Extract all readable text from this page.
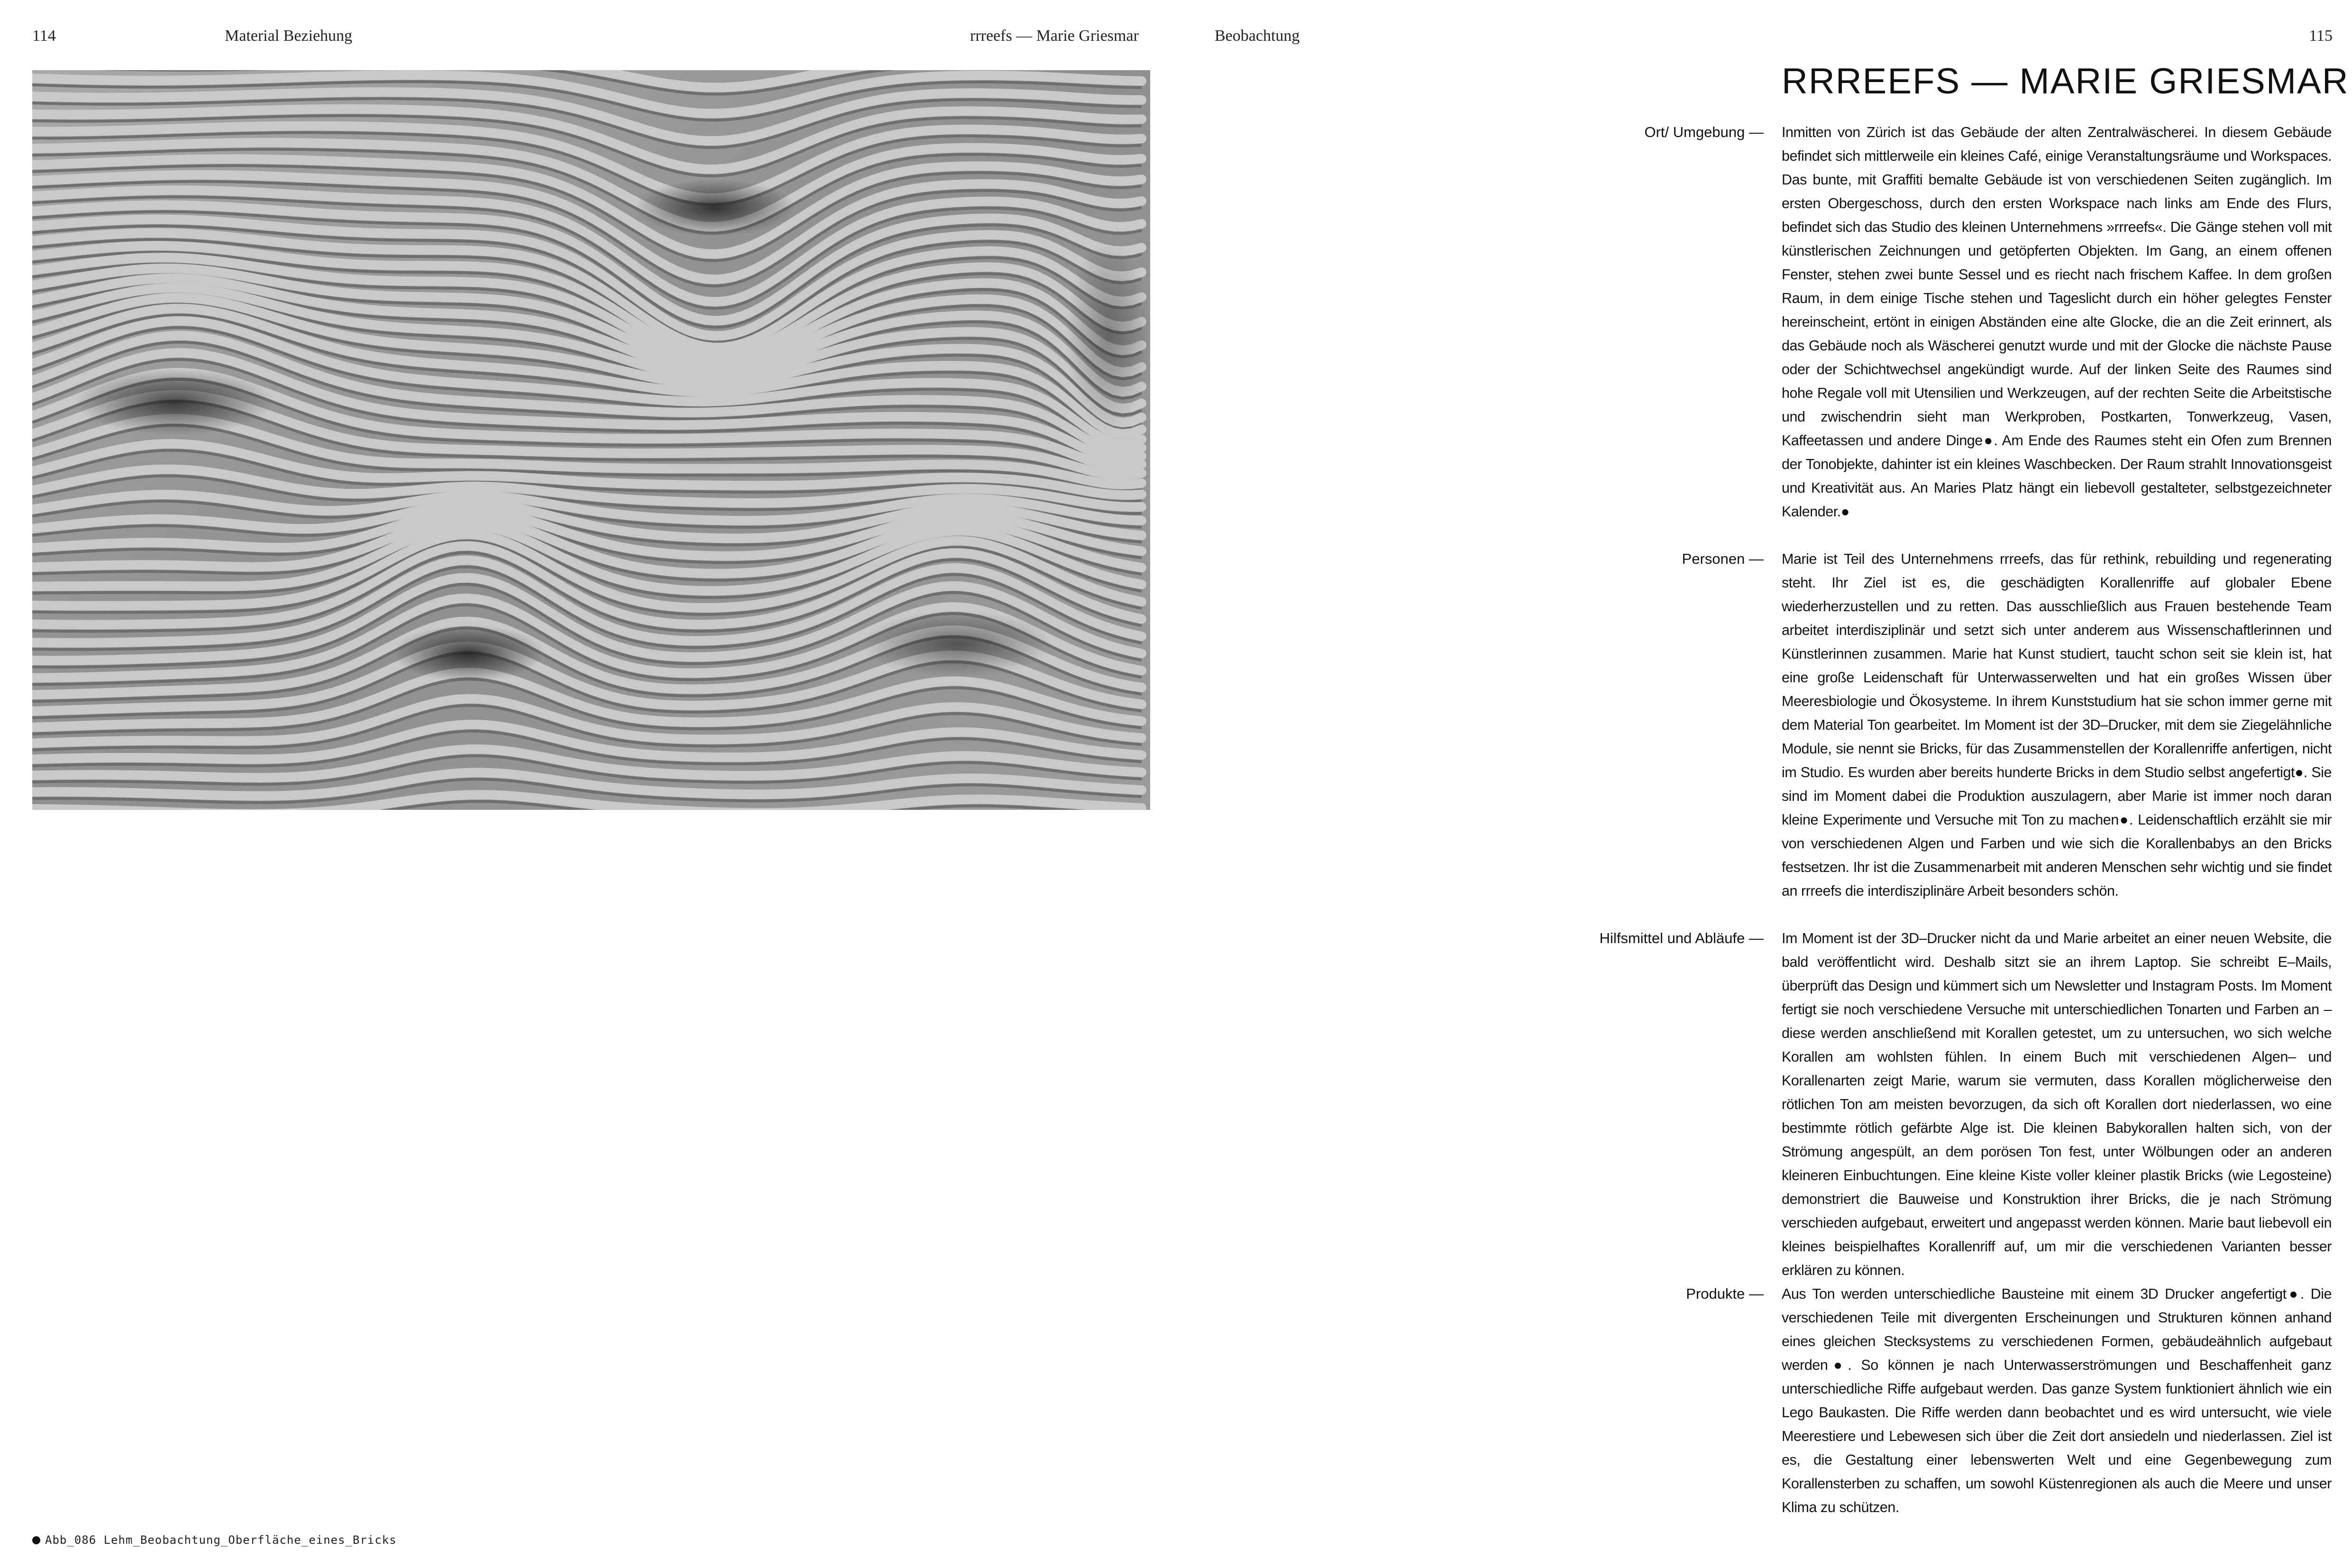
114	Material Beziehung	rrreefs — Marie Griesmar	Beobachtung	115
Abb_086 Lehm_Beobachtung_Oberfläche_eines_Bricks
RRREEFS — MARIE GRIESMAR
Ort/ Umgebung — Inmitten von Zürich ist das Gebäude der alten Zentralwäscherei. In diesem Gebäude befindet sich mittlerweile ein kleines Café, einige Veranstaltungsräume und Workspaces. Das bunte, mit Graffiti bemalte Gebäude ist von verschiedenen Seiten zugänglich. Im ersten Obergeschoss, durch den ersten Workspace nach links am Ende des Flurs, befindet sich das Studio des kleinen Unternehmens »rrreefs«. Die Gänge stehen voll mit künstlerischen Zeichnungen und getöpferten Objekten. Im Gang, an einem offenen Fenster, stehen zwei bunte Sessel und es riecht nach frischem Kaffee. In dem großen Raum, in dem einige Tische stehen und Tageslicht durch ein höher gelegtes Fenster hereinscheint, ertönt in einigen Abständen eine alte Glocke, die an die Zeit erinnert, als das Gebäude noch als Wäscherei genutzt wurde und mit der Glocke die nächste Pause oder der Schichtwechsel angekündigt wurde. Auf der linken Seite des Raumes sind hohe Regale voll mit Utensilien und Werkzeugen, auf der rechten Seite die Arbeitstische und zwischendrin sieht man Werkproben, Postkarten, Tonwerkzeug, Vasen, Kaffeetassen und andere Dinge●. Am Ende des Raumes steht ein Ofen zum Brennen der Tonobjekte, dahinter ist ein kleines Waschbecken. Der Raum strahlt Innovationsgeist und Kreativität aus. An Maries Platz hängt ein liebevoll gestalteter, selbstgezeichneter Kalender.●
Personen — Marie ist Teil des Unternehmens rrreefs, das für rethink, rebuilding und regenerating steht. Ihr Ziel ist es, die geschädigten Korallenriffe auf globaler Ebene wiederherzustellen und zu retten. Das ausschließlich aus Frauen bestehende Team arbeitet interdisziplinär und setzt sich unter anderem aus Wissenschaftlerinnen und Künstlerinnen zusammen. Marie hat Kunst studiert, taucht schon seit sie klein ist, hat eine große Leidenschaft für Unterwasserwelten und hat ein großes Wissen über Meeresbiologie und Ökosysteme. In ihrem Kunststudium hat sie schon immer gerne mit dem Material Ton gearbeitet. Im Moment ist der 3D–Drucker, mit dem sie Ziegelähnliche Module, sie nennt sie Bricks, für das Zusammenstellen der Korallenriffe anfertigen, nicht im Studio. Es wurden aber bereits hunderte Bricks in dem Studio selbst angefertigt●. Sie sind im Moment dabei die Produktion auszulagern, aber Marie ist immer noch daran kleine Experimente und Versuche mit Ton zu machen●. Leidenschaftlich erzählt sie mir von verschiedenen Algen und Farben und wie sich die Korallenbabys an den Bricks festsetzen. Ihr ist die Zusammenarbeit mit anderen Menschen sehr wichtig und sie findet an rrreefs die interdisziplinäre Arbeit besonders schön.
Hilfsmittel und Abläufe — Im Moment ist der 3D–Drucker nicht da und Marie arbeitet an einer neuen Website, die bald veröffentlicht wird. Deshalb sitzt sie an ihrem Laptop. Sie schreibt E–Mails, überprüft das Design und kümmert sich um Newsletter und Instagram Posts. Im Moment fertigt sie noch verschiedene Versuche mit unterschiedlichen Tonarten und Farben an – diese werden anschließend mit Korallen getestet, um zu untersuchen, wo sich welche Korallen am wohlsten fühlen. In einem Buch mit verschiedenen Algen– und Korallenarten zeigt Marie, warum sie vermuten, dass Korallen möglicherweise den rötlichen Ton am meisten bevorzugen, da sich oft Korallen dort niederlassen, wo eine bestimmte rötlich gefärbte Alge ist. Die kleinen Babykorallen halten sich, von der Strömung angespült, an dem porösen Ton fest, unter Wölbungen oder an anderen kleineren Einbuchtungen. Eine kleine Kiste voller kleiner plastik Bricks (wie Legosteine) demonstriert die Bauweise und Konstruktion ihrer Bricks, die je nach Strömung verschieden aufgebaut, erweitert und angepasst werden können. Marie baut liebevoll ein kleines beispielhaftes Korallenriff auf, um mir die verschiedenen Varianten besser erklären zu können.
Produkte — Aus Ton werden unterschiedliche Bausteine mit einem 3D Drucker angefertigt●. Die verschiedenen Teile mit divergenten Erscheinungen und Strukturen können anhand eines gleichen Stecksystems zu verschiedenen Formen, gebäudeähnlich aufgebaut werden●. So können je nach Unterwasserströmungen und Beschaffenheit ganz unterschiedliche Riffe aufgebaut werden. Das ganze System funktioniert ähnlich wie ein Lego Baukasten. Die Riffe werden dann beobachtet und es wird untersucht, wie viele Meerestiere und Lebewesen sich über die Zeit dort ansiedeln und niederlassen. Ziel ist es, die Gestaltung einer lebenswerten Welt und eine Gegenbewegung zum Korallensterben zu schaffen, um sowohl Küstenregionen als auch die Meere und unser Klima zu schützen.
